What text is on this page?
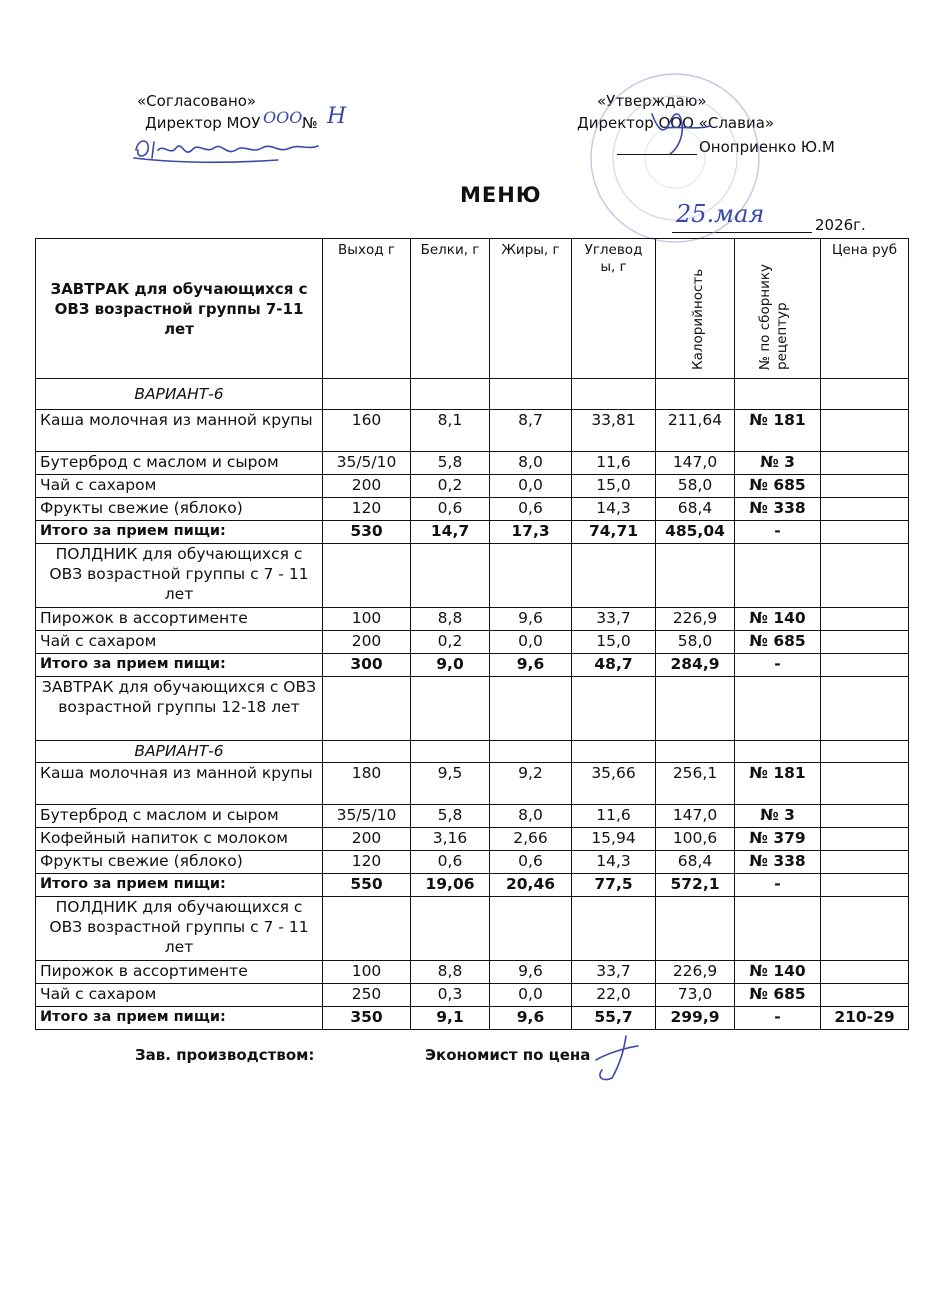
«Согласовано»
Директор МОУ	№
«Утверждаю»
Директор ООО «Славиа»
Оноприенко Ю.М
МЕНЮ
2026г.
ООО Н
25.мая
ЗАВТРАК для обучающихся с ОВЗ возрастной группы 7-11 лет	Выход г	Белки, г	Жиры, г	Углевод ы, г	Калорийность	№ по сборнику рецептур	Цена руб
ВАРИАНТ-6							
Каша молочная из манной крупы	160	8,1	8,7	33,81	211,64	№ 181	
Бутерброд с маслом и сыром	35/5/10	5,8	8,0	11,6	147,0	№ 3	
Чай с сахаром	200	0,2	0,0	15,0	58,0	№ 685	
Фрукты свежие (яблоко)	120	0,6	0,6	14,3	68,4	№ 338	
Итого за прием пищи:	530	14,7	17,3	74,71	485,04	-	
ПОЛДНИК для обучающихся с ОВЗ возрастной группы с 7 - 11 лет							
Пирожок в ассортименте	100	8,8	9,6	33,7	226,9	№ 140	
Чай с сахаром	200	0,2	0,0	15,0	58,0	№ 685	
Итого за прием пищи:	300	9,0	9,6	48,7	284,9	-	
ЗАВТРАК для обучающихся с ОВЗ возрастной группы 12-18 лет							
ВАРИАНТ-6							
Каша молочная из манной крупы	180	9,5	9,2	35,66	256,1	№ 181	
Бутерброд с маслом и сыром	35/5/10	5,8	8,0	11,6	147,0	№ 3	
Кофейный напиток с молоком	200	3,16	2,66	15,94	100,6	№ 379	
Фрукты свежие (яблоко)	120	0,6	0,6	14,3	68,4	№ 338	
Итого за прием пищи:	550	19,06	20,46	77,5	572,1	-	
ПОЛДНИК для обучающихся с ОВЗ возрастной группы с 7 - 11 лет							
Пирожок в ассортименте	100	8,8	9,6	33,7	226,9	№ 140	
Чай с сахаром	250	0,3	0,0	22,0	73,0	№ 685	
Итого за прием пищи:	350	9,1	9,6	55,7	299,9	-	210-29
Зав. производством:	Экономист по цена
